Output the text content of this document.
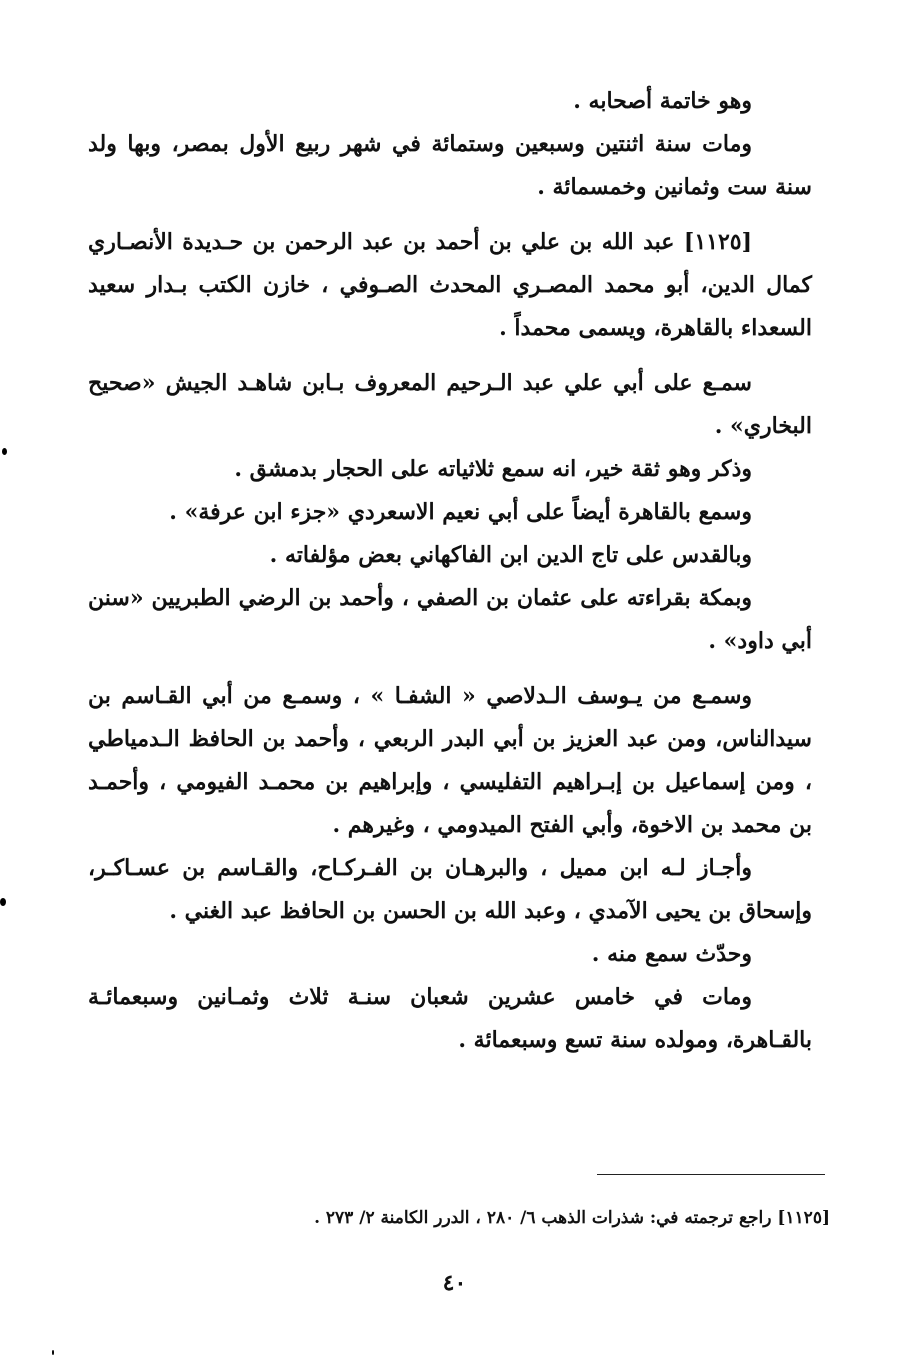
وهو خاتمة أصحابه .

ومات سنة اثنتين وسبعين وستمائة في شهر ربيع الأول بمصر، وبها ولد سنة ست وثمانين وخمسمائة .

[١١٢٥] عبد الله بن علي بن أحمد بن عبد الرحمن بن حـديدة الأنصـاري كمال الدين، أبو محمد المصـري المحدث الصـوفي ، خازن الكتب بـدار سعيد السعداء بالقاهرة، ويسمى محمداً .

سمـع على أبي علي عبد الـرحيم المعروف بـابن شاهـد الجيش «صحيح البخاري» .

وذكر وهو ثقة خير، انه سمع ثلاثياته على الحجار بدمشق .

وسمع بالقاهرة أيضاً على أبي نعيم الاسعردي «جزء ابن عرفة» .

وبالقدس على تاج الدين ابن الفاكهاني بعض مؤلفاته .

وبمكة بقراءته على عثمان بن الصفي ، وأحمد بن الرضي الطبريين «سنن أبي داود» .

وسمـع من يـوسف الـدلاصي « الشفـا » ، وسمـع من أبي القـاسم بن سيدالناس، ومن عبد العزيز بن أبي البدر الربعي ، وأحمد بن الحافظ الـدمياطي ، ومن إسماعيل بن إبـراهيم التفليسي ، وإبراهيم بن محمـد الفيومي ، وأحمـد بن محمد بن الاخوة، وأبي الفتح الميدومي ، وغيرهم .

وأجـاز لـه ابن مميل ، والبرهـان بن الفـركـاح، والقـاسم بن عسـاكـر، وإسحاق بن يحيى الآمدي ، وعبد الله بن الحسن بن الحافظ عبد الغني .

وحدّث سمع منه .

ومات في خامس عشرين شعبان سنـة ثلاث وثمـانين وسبعمائـة بالقـاهرة، ومولده سنة تسع وسبعمائة .

[١١٢٥] راجع ترجمته في: شذرات الذهب ٦/ ٢٨٠ ، الدرر الكامنة ٢/ ٢٧٣ .
٤٠
